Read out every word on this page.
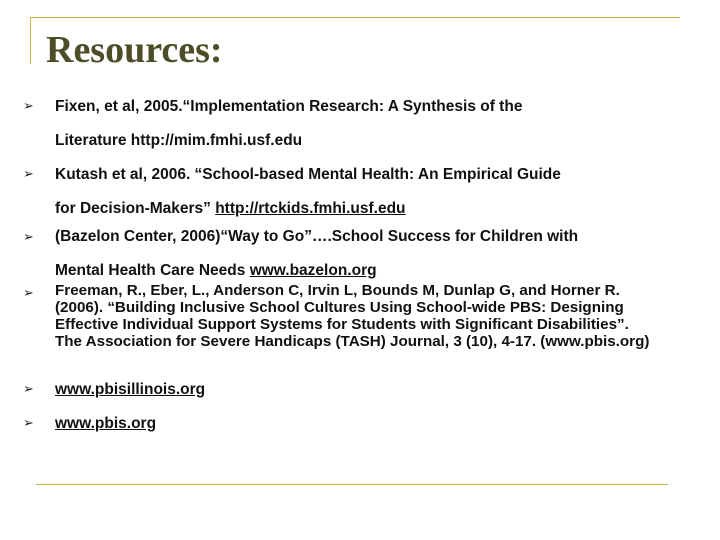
Resources:
➢ Fixen, et al, 2005.“Implementation Research: A Synthesis of the
Literature http://mim.fmhi.usf.edu

➢ Kutash et al, 2006. “School-based Mental Health: An Empirical Guide
for Decision-Makers” http://rtckids.fmhi.usf.edu

➢ (Bazelon Center, 2006)“Way to Go”….School Success for Children with
Mental Health Care Needs www.bazelon.org

➢ Freeman, R., Eber, L., Anderson C, Irvin L, Bounds M, Dunlap G, and Horner R. (2006). “Building Inclusive School Cultures Using School-wide PBS: Designing Effective Individual Support Systems for Students with Significant Disabilities”. The Association for Severe Handicaps (TASH) Journal, 3 (10), 4-17. (www.pbis.org)

➢ www.pbisillinois.org

➢ www.pbis.org
